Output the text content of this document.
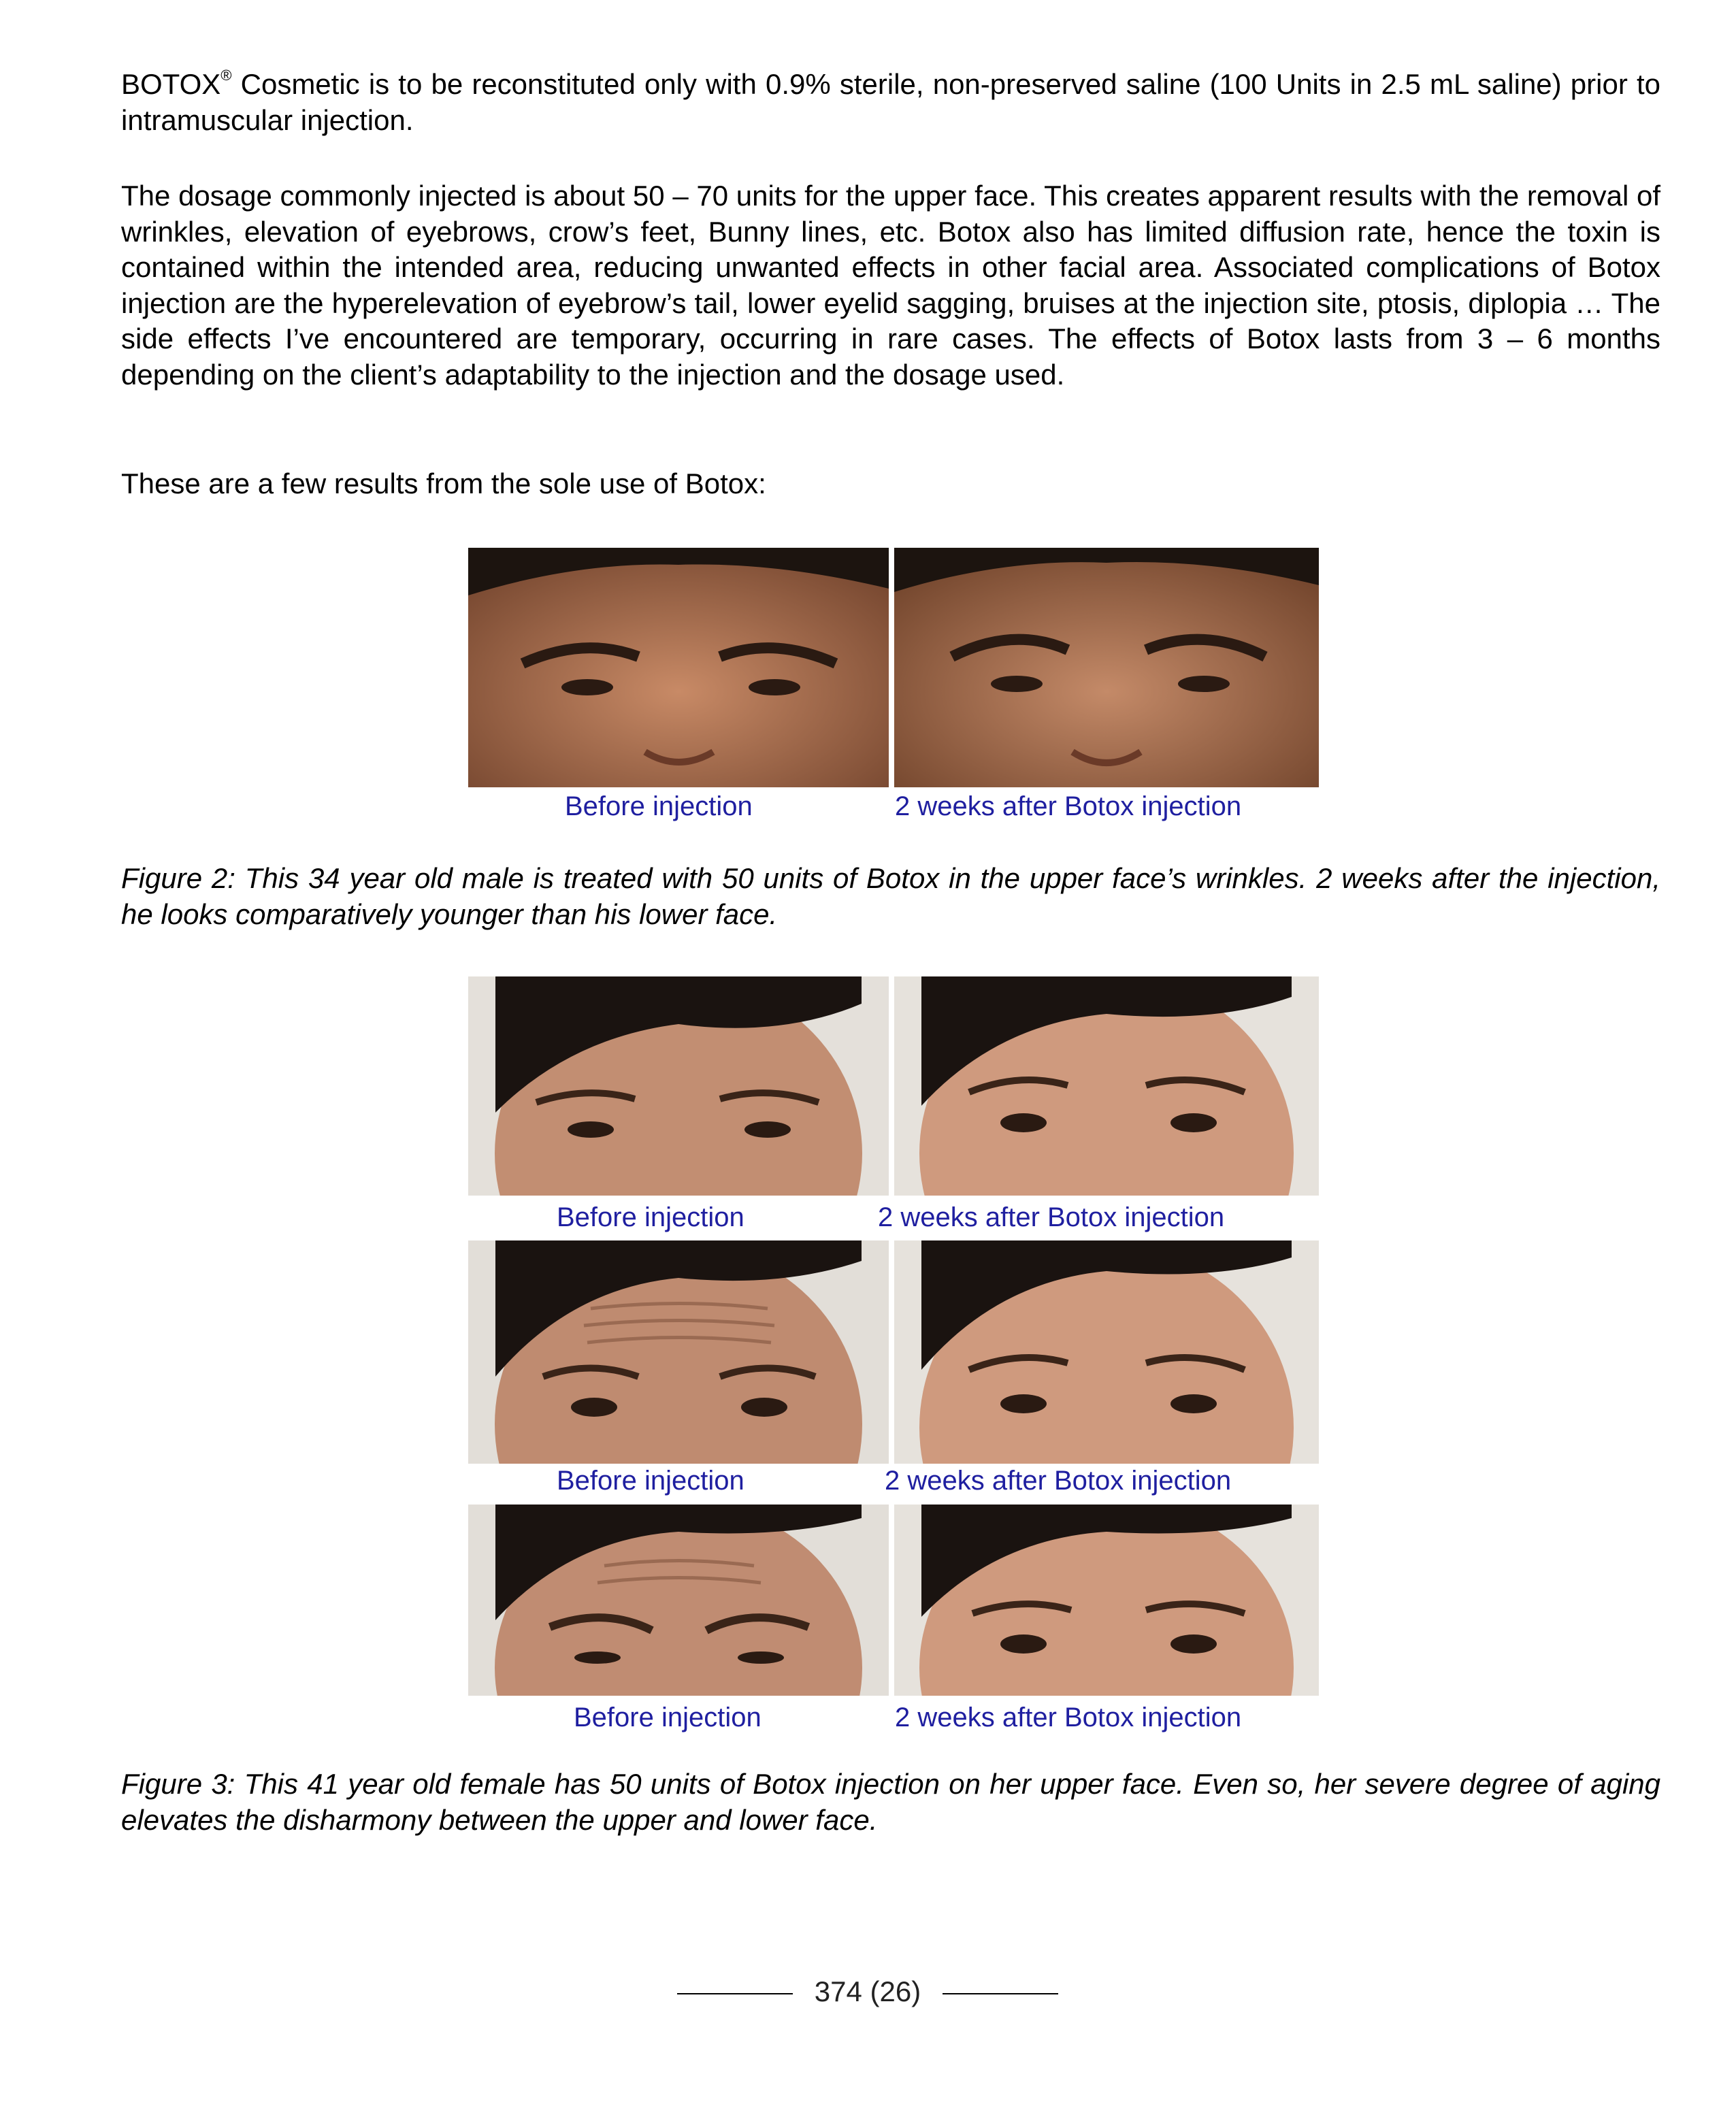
BOTOX® Cosmetic is to be reconstituted only with 0.9% sterile, non-preserved saline (100 Units in 2.5 mL saline) prior to intramuscular injection.

The dosage commonly injected is about 50 – 70 units for the upper face. This creates apparent results with the removal of wrinkles, elevation of eyebrows, crow’s feet, Bunny lines, etc. Botox also has limited diffusion rate, hence the toxin is contained within the intended area, reducing unwanted effects in other facial area. Associated complications of Botox injection are the hyperelevation of eyebrow’s tail, lower eyelid sagging, bruises at the injection site, ptosis, diplopia … The side effects I’ve encountered are temporary, occurring in rare cases. The effects of Botox lasts from 3 – 6 months depending on the client’s adaptability to the injection and the dosage used.

These are a few results from the sole use of Botox:

Before injection	2 weeks after Botox injection

Figure 2: This 34 year old male is treated with 50 units of Botox in the upper face’s wrinkles. 2 weeks after the injection, he looks comparatively younger than his lower face.

Before injection	2 weeks after Botox injection
Before injection	2 weeks after Botox injection
Before injection	2 weeks after Botox injection

Figure 3: This 41 year old female has 50 units of Botox injection on her upper face. Even so, her severe degree of aging elevates the disharmony between the upper and lower face.

374 (26)
